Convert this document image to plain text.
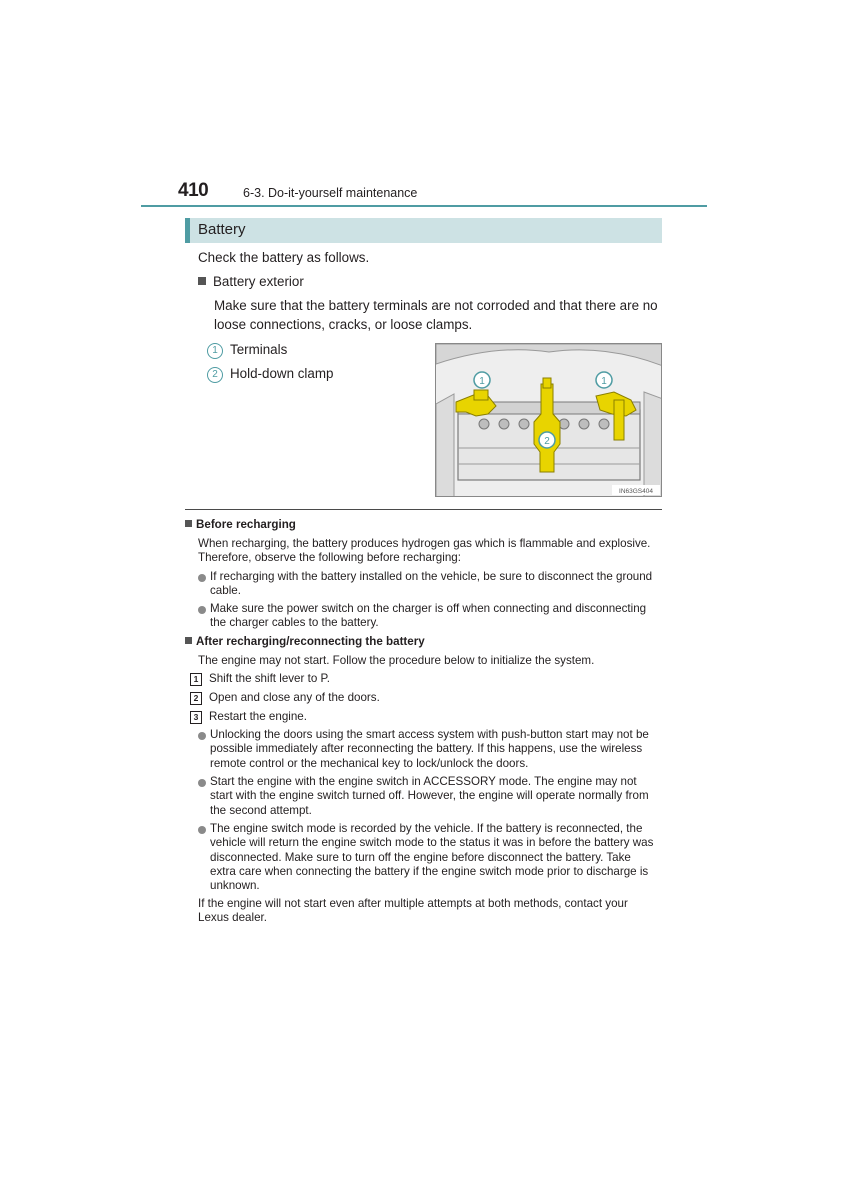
410	6-3. Do-it-yourself maintenance
Battery
Check the battery as follows.
Battery exterior
Make sure that the battery terminals are not corroded and that there are no
loose connections, cracks, or loose clamps.
1 Terminals
2 Hold-down clamp
1	1
2
IN63GS404
Before recharging
When recharging, the battery produces hydrogen gas which is flammable and explosive.
Therefore, observe the following before recharging:
If recharging with the battery installed on the vehicle, be sure to disconnect the ground
cable.
Make sure the power switch on the charger is off when connecting and disconnecting
the charger cables to the battery.
After recharging/reconnecting the battery
The engine may not start. Follow the procedure below to initialize the system.
1 Shift the shift lever to P.
2 Open and close any of the doors.
3 Restart the engine.
Unlocking the doors using the smart access system with push-button start may not be
possible immediately after reconnecting the battery. If this happens, use the wireless
remote control or the mechanical key to lock/unlock the doors.
Start the engine with the engine switch in ACCESSORY mode. The engine may not
start with the engine switch turned off. However, the engine will operate normally from
the second attempt.
The engine switch mode is recorded by the vehicle. If the battery is reconnected, the
vehicle will return the engine switch mode to the status it was in before the battery was
disconnected. Make sure to turn off the engine before disconnect the battery. Take
extra care when connecting the battery if the engine switch mode prior to discharge is
unknown.
If the engine will not start even after multiple attempts at both methods, contact your
Lexus dealer.
